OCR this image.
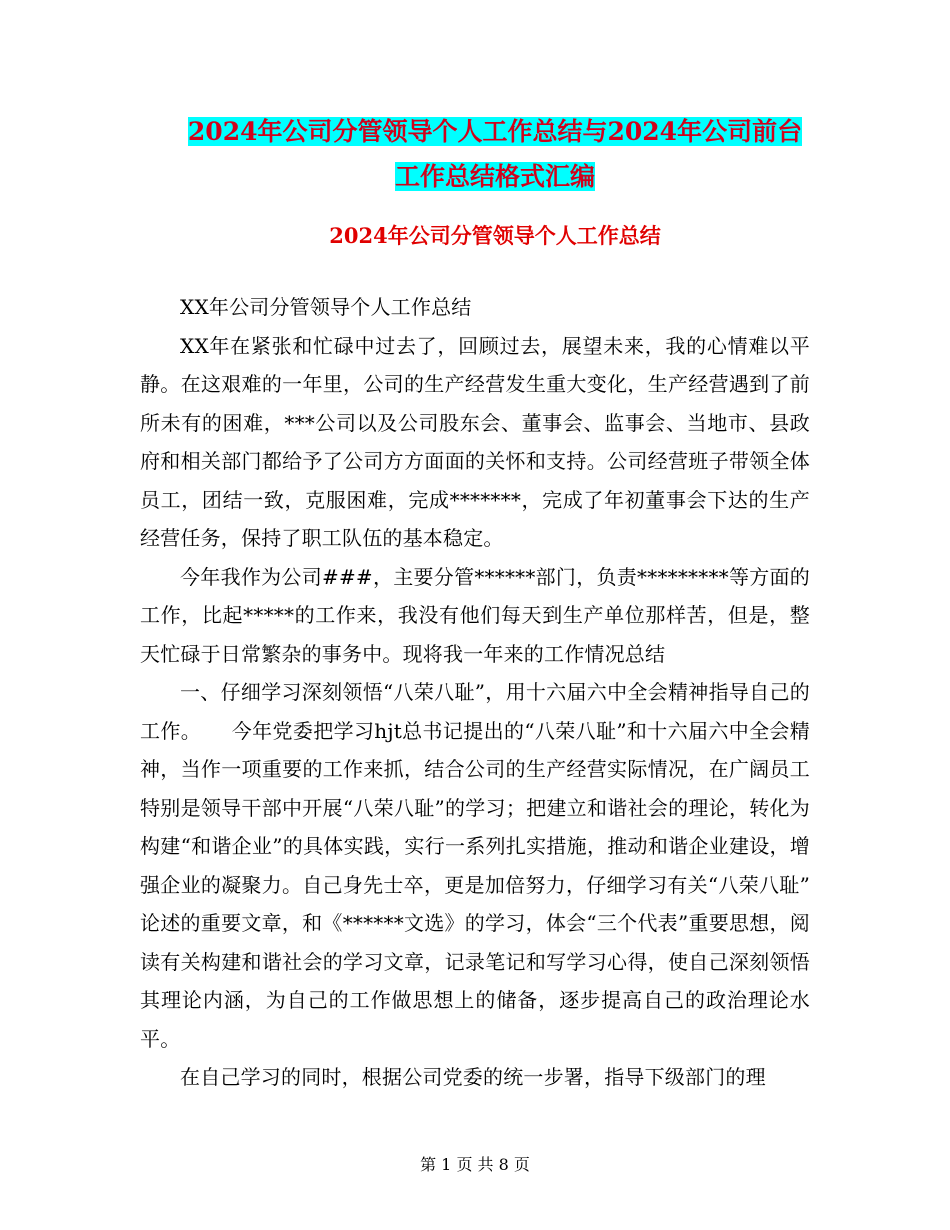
2024年公司分管领导个人工作总结与2024年公司前台
工作总结格式汇编
2024年公司分管领导个人工作总结

XX年公司分管领导个人工作总结

XX年在紧张和忙碌中过去了，回顾过去，展望未来，我的心情难以平静。在这艰难的一年里，公司的生产经营发生重大变化，生产经营遇到了前所未有的困难，***公司以及公司股东会、董事会、监事会、当地市、县政府和相关部门都给予了公司方方面面的关怀和支持。公司经营班子带领全体员工，团结一致，克服困难，完成*******，完成了年初董事会下达的生产经营任务，保持了职工队伍的基本稳定。

今年我作为公司###，主要分管******部门，负责*********等方面的工作，比起*****的工作来，我没有他们每天到生产单位那样苦，但是，整天忙碌于日常繁杂的事务中。现将我一年来的工作情况总结

一、仔细学习深刻领悟“八荣八耻”，用十六届六中全会精神指导自己的工作。　　今年党委把学习hjt总书记提出的“八荣八耻”和十六届六中全会精神，当作一项重要的工作来抓，结合公司的生产经营实际情况，在广阔员工特别是领导干部中开展“八荣八耻”的学习；把建立和谐社会的理论，转化为构建“和谐企业”的具体实践，实行一系列扎实措施，推动和谐企业建设，增强企业的凝聚力。自己身先士卒，更是加倍努力，仔细学习有关“八荣八耻” 论述的重要文章，和《******文选》的学习，体会“三个代表”重要思想，阅读有关构建和谐社会的学习文章，记录笔记和写学习心得，使自己深刻领悟其理论内涵，为自己的工作做思想上的储备，逐步提高自己的政治理论水平。

在自己学习的同时，根据公司党委的统一步署，指导下级部门的理

第 1 页 共 8 页
